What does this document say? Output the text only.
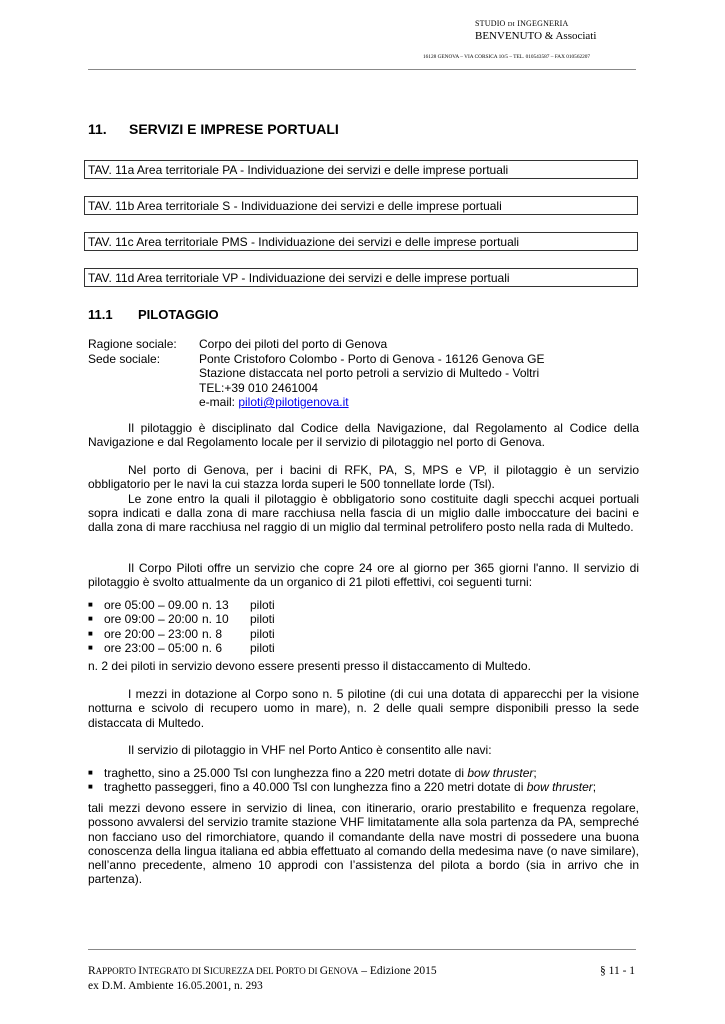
STUDIO DI INGEGNERIA
BENVENUTO & Associati
16128 GENOVA – VIA CORSICA 10/5 – TEL. 010543587 – FAX 010562207
11. SERVIZI E IMPRESE PORTUALI
TAV. 11a Area territoriale PA - Individuazione dei servizi e delle imprese portuali
TAV. 11b Area territoriale S - Individuazione dei servizi e delle imprese portuali
TAV. 11c Area territoriale PMS - Individuazione dei servizi e delle imprese portuali
TAV. 11d Area territoriale VP - Individuazione dei servizi e delle imprese portuali
11.1 PILOTAGGIO
Ragione sociale: Corpo dei piloti del porto di Genova
Sede sociale:	Ponte Cristoforo Colombo - Porto di Genova - 16126 Genova GE
Stazione distaccata nel porto petroli a servizio di Multedo - Voltri
TEL:+39 010 2461004
e-mail: piloti@pilotigenova.it
Il pilotaggio è disciplinato dal Codice della Navigazione, dal Regolamento al Codice della Navigazione e dal Regolamento locale per il servizio di pilotaggio nel porto di Genova.
Nel porto di Genova, per i bacini di RFK, PA, S, MPS e VP, il pilotaggio è un servizio obbligatorio per le navi la cui stazza lorda superi le 500 tonnellate lorde (Tsl).
Le zone entro la quali il pilotaggio è obbligatorio sono costituite dagli specchi acquei portuali sopra indicati e dalla zona di mare racchiusa nella fascia di un miglio dalle imboccature dei bacini e dalla zona di mare racchiusa nel raggio di un miglio dal terminal petrolifero posto nella rada di Multedo.
Il Corpo Piloti offre un servizio che copre 24 ore al giorno per 365 giorni l'anno. Il servizio di pilotaggio è svolto attualmente da un organico di 21 piloti effettivi, coi seguenti turni:
■ ore 05:00 – 09.00 n. 13 piloti
■ ore 09:00 – 20:00 n. 10 piloti
■ ore 20:00 – 23:00 n. 8 piloti
■ ore 23:00 – 05:00 n. 6 piloti
n. 2 dei piloti in servizio devono essere presenti presso il distaccamento di Multedo.
I mezzi in dotazione al Corpo sono n. 5 pilotine (di cui una dotata di apparecchi per la visione notturna e scivolo di recupero uomo in mare), n. 2 delle quali sempre disponibili presso la sede distaccata di Multedo.
Il servizio di pilotaggio in VHF nel Porto Antico è consentito alle navi:
■ traghetto, sino a 25.000 Tsl con lunghezza fino a 220 metri dotate di bow thruster;
■ traghetto passeggeri, fino a 40.000 Tsl con lunghezza fino a 220 metri dotate di bow thruster;
tali mezzi devono essere in servizio di linea, con itinerario, orario prestabilito e frequenza regolare, possono avvalersi del servizio tramite stazione VHF limitatamente alla sola partenza da PA, sempreché non facciano uso del rimorchiatore, quando il comandante della nave mostri di possedere una buona conoscenza della lingua italiana ed abbia effettuato al comando della medesima nave (o nave similare), nell’anno precedente, almeno 10 approdi con l’assistenza del pilota a bordo (sia in arrivo che in partenza).
RAPPORTO INTEGRATO DI SICUREZZA DEL PORTO DI GENOVA – Edizione 2015
ex D.M. Ambiente 16.05.2001, n. 293
§ 11 - 1
